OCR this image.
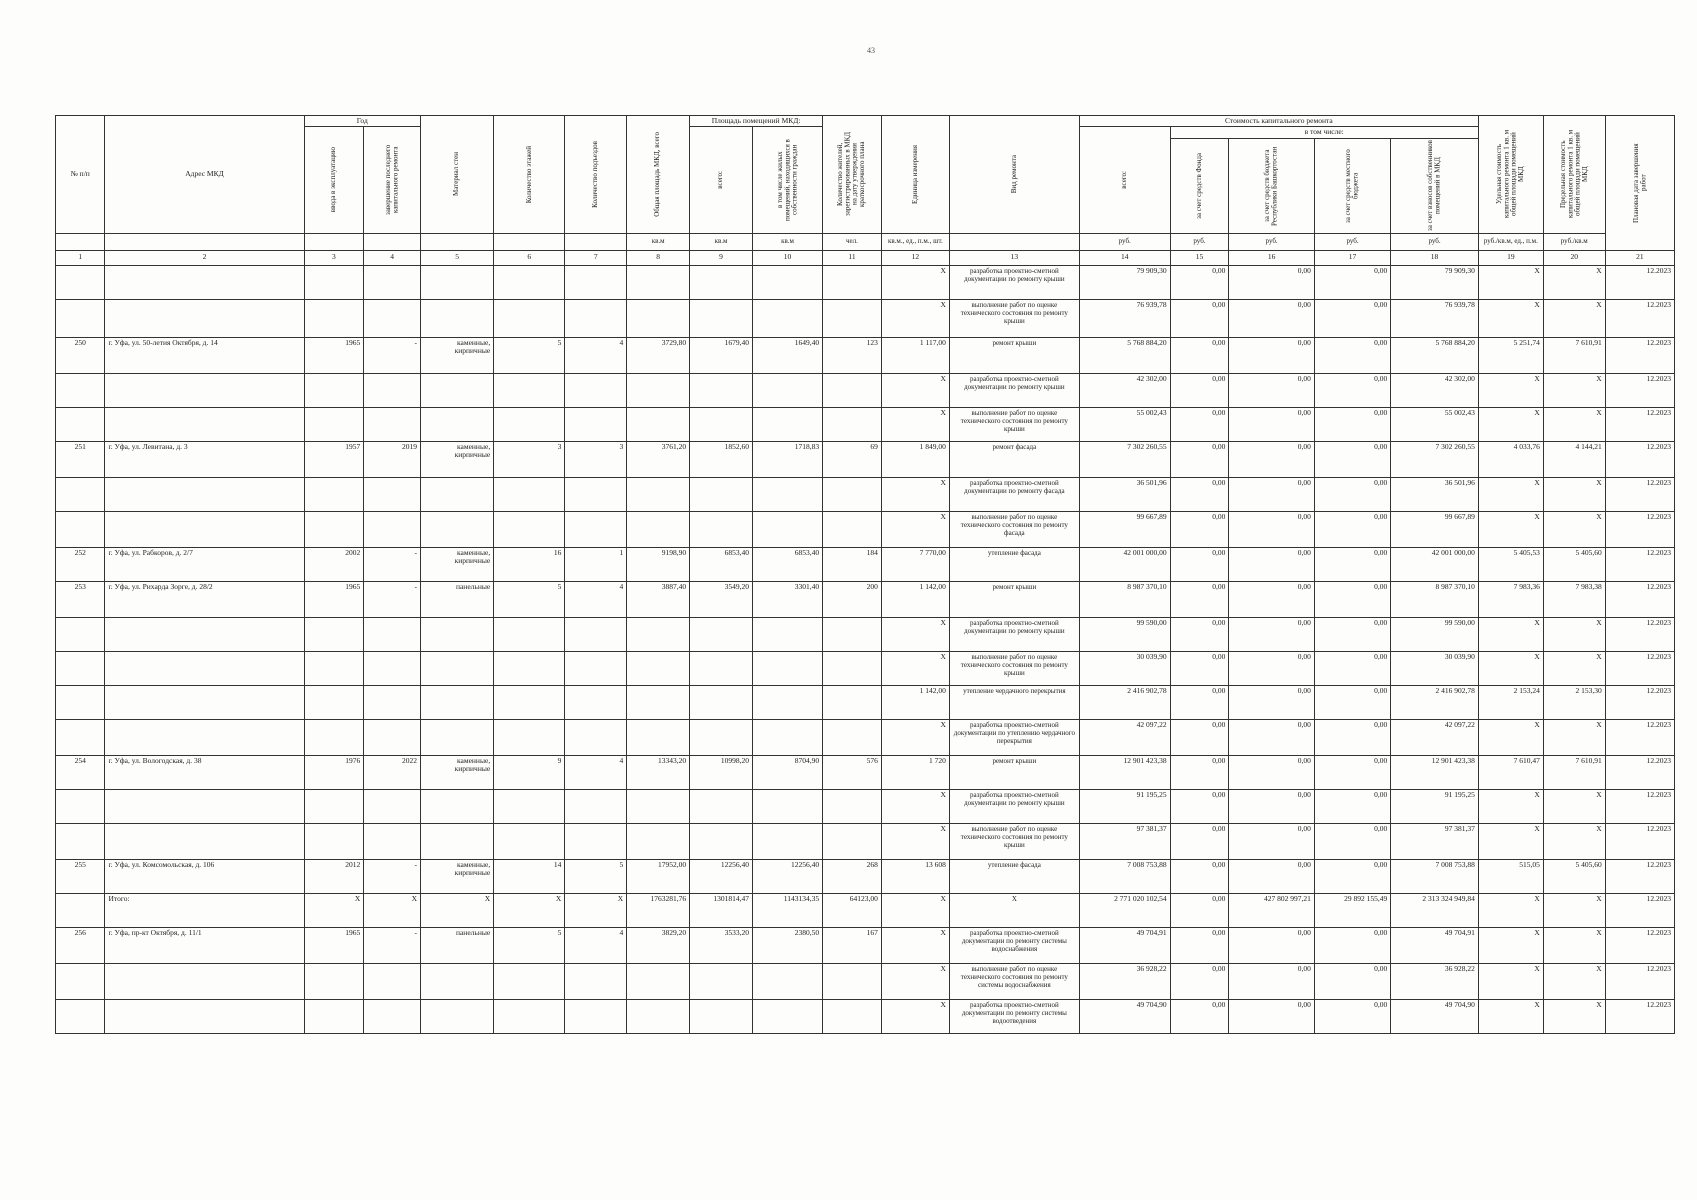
43
№ п/п	Адрес МКД	Год		Материал стен	Количество этажей	Количество подъездов	Общая площадь МКД, всего	Площадь помещений МКД:		Количество жителей, зарегистрированных в МКД на дату утверждения краткосрочного плана	Единица измерения	Вид ремонта	Стоимость капитального ремонта					Удельная стоимость капитального ремонта 1 кв. м общей площади помещений МКД	Предельная стоимость капитального ремонта 1 кв. м общей площади помещений МКД	Плановая дата завершения работ

		ввода в эксплуатацию	завершение последнего капитального ремонта					всего:	в том числе жилых помещений, находящихся в собственности граждан				всего:	в том числе:						

														за счет средств Фонда	за счет средств бюджета Республики Башкортостан	за счет средств местного бюджета	за счет взносов собственников помещений в МКД			

							кв.м	кв.м	кв.м	чел.	кв.м., ед., п.м., шт.		руб.	руб.	руб.	руб.	руб.	руб./кв.м, ед., п.м.	руб./кв.м	
1	2	3	4	5	6	7	8	9	10	11	12	13	14	15	16	17	18	19	20	21
											X	разработка проектно-сметной документации по ремонту крыши	79 909,30	0,00	0,00	0,00	79 909,30	X	X	12.2023
											X	выполнение работ по оценке технического состояния по ремонту крыши	76 939,78	0,00	0,00	0,00	76 939,78	X	X	12.2023
250	г. Уфа, ул. 50-летия Октября, д. 14	1965	-	каменные, кирпичные	5	4	3729,80	1679,40	1649,40	123	1 117,00	ремонт крыши	5 768 884,20	0,00	0,00	0,00	5 768 884,20	5 251,74	7 610,91	12.2023
											X	разработка проектно-сметной документации по ремонту крыши	42 302,00	0,00	0,00	0,00	42 302,00	X	X	12.2023
											X	выполнение работ по оценке технического состояния по ремонту крыши	55 002,43	0,00	0,00	0,00	55 002,43	X	X	12.2023
251	г. Уфа, ул. Левитана, д. 3	1957	2019	каменные, кирпичные	3	3	3761,20	1852,60	1718,83	69	1 849,00	ремонт фасада	7 302 260,55	0,00	0,00	0,00	7 302 260,55	4 033,76	4 144,21	12.2023
											X	разработка проектно-сметной документации по ремонту фасада	36 501,96	0,00	0,00	0,00	36 501,96	X	X	12.2023
											X	выполнение работ по оценке технического состояния по ремонту фасада	99 667,89	0,00	0,00	0,00	99 667,89	X	X	12.2023
252	г. Уфа, ул. Рабкоров, д. 2/7	2002	-	каменные, кирпичные	16	1	9198,90	6853,40	6853,40	184	7 770,00	утепление фасада	42 001 000,00	0,00	0,00	0,00	42 001 000,00	5 405,53	5 405,60	12.2023
253	г. Уфа, ул. Рихарда Зорге, д. 28/2	1965	-	панельные	5	4	3887,40	3549,20	3301,40	200	1 142,00	ремонт крыши	8 987 370,10	0,00	0,00	0,00	8 987 370,10	7 983,36	7 983,38	12.2023
											X	разработка проектно-сметной документации по ремонту крыши	99 590,00	0,00	0,00	0,00	99 590,00	X	X	12.2023
											X	выполнение работ по оценке технического состояния по ремонту крыши	30 039,90	0,00	0,00	0,00	30 039,90	X	X	12.2023
											1 142,00	утепление чердачного перекрытия	2 416 902,78	0,00	0,00	0,00	2 416 902,78	2 153,24	2 153,30	12.2023
											X	разработка проектно-сметной документации по утеплению чердачного перекрытия	42 097,22	0,00	0,00	0,00	42 097,22	X	X	12.2023
254	г. Уфа, ул. Вологодская, д. 38	1976	2022	каменные, кирпичные	9	4	13343,20	10998,20	8704,90	576	1 720	ремонт крыши	12 901 423,38	0,00	0,00	0,00	12 901 423,38	7 610,47	7 610,91	12.2023
											X	разработка проектно-сметной документации по ремонту крыши	91 195,25	0,00	0,00	0,00	91 195,25	X	X	12.2023
											X	выполнение работ по оценке технического состояния по ремонту крыши	97 381,37	0,00	0,00	0,00	97 381,37	X	X	12.2023
255	г. Уфа, ул. Комсомольская, д. 106	2012	-	каменные, кирпичные	14	5	17952,00	12256,40	12256,40	268	13 608	утепление фасада	7 008 753,88	0,00	0,00	0,00	7 008 753,88	515,05	5 405,60	12.2023
	Итого:	X	X	X	X	X	1763281,76	1301814,47	1143134,35	64123,00	X	X	2 771 020 102,54	0,00	427 802 997,21	29 892 155,49	2 313 324 949,84	X	X	12.2023
256	г. Уфа, пр-кт Октября, д. 11/1	1965	-	панельные	5	4	3829,20	3533,20	2380,50	167	X	разработка проектно-сметной документации по ремонту системы водоснабжения	49 704,91	0,00	0,00	0,00	49 704,91	X	X	12.2023
											X	выполнение работ по оценке технического состояния по ремонту системы водоснабжения	36 928,22	0,00	0,00	0,00	36 928,22	X	X	12.2023
											X	разработка проектно-сметной документации по ремонту системы водоотведения	49 704,90	0,00	0,00	0,00	49 704,90	X	X	12.2023
